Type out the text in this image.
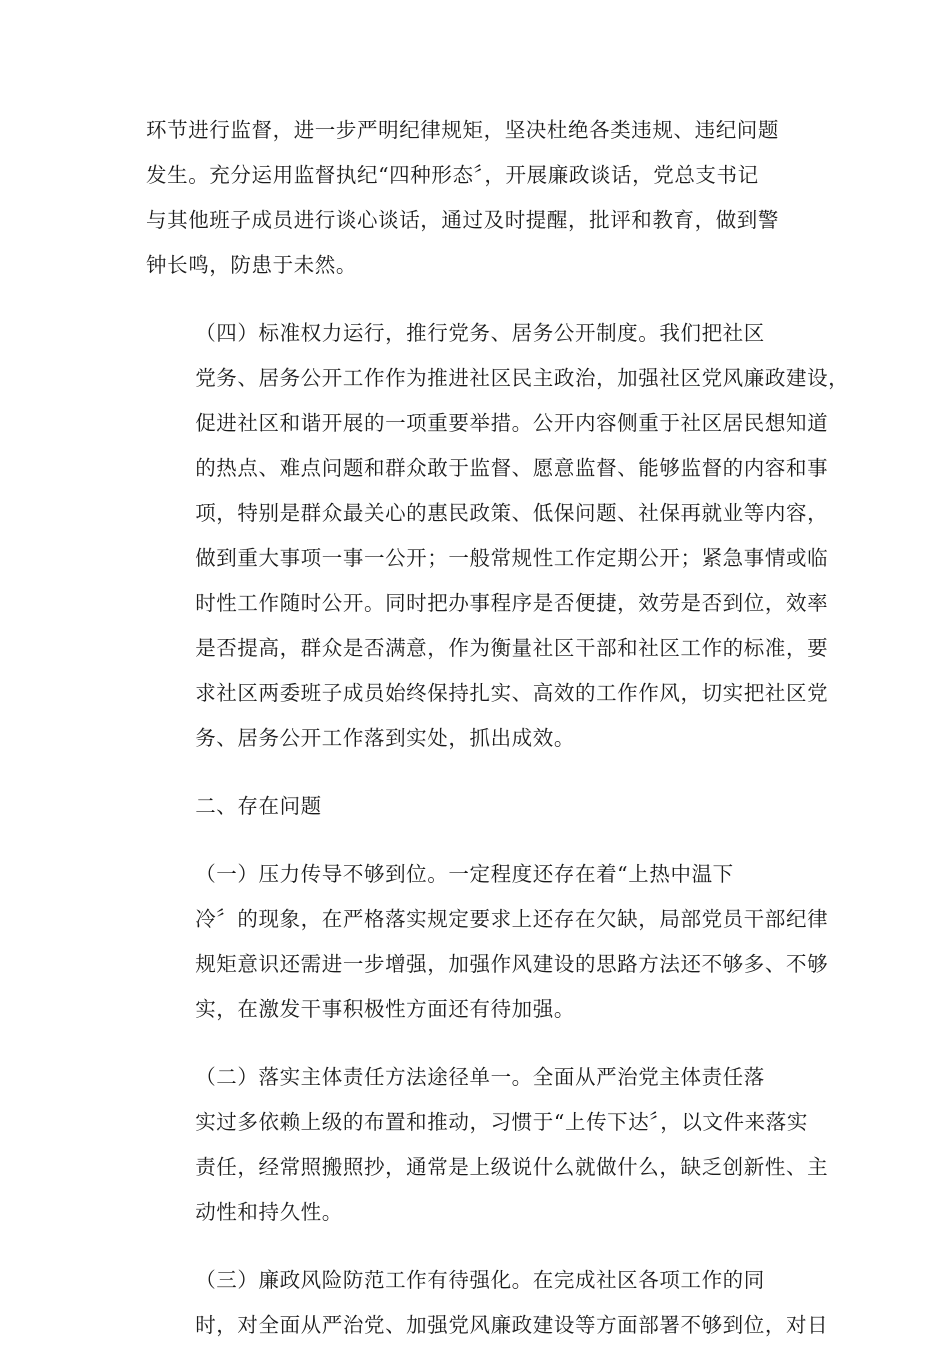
环节进行监督，进一步严明纪律规矩，坚决杜绝各类违规、违纪问题
发生。充分运用监督执纪“四种形态〞，开展廉政谈话，党总支书记
与其他班子成员进行谈心谈话，通过及时提醒，批评和教育，做到警
钟长鸣，防患于未然。

（四）标准权力运行，推行党务、居务公开制度。我们把社区
党务、居务公开工作作为推进社区民主政治，加强社区党风廉政建设，
促进社区和谐开展的一项重要举措。公开内容侧重于社区居民想知道
的热点、难点问题和群众敢于监督、愿意监督、能够监督的内容和事
项，特别是群众最关心的惠民政策、低保问题、社保再就业等内容，
做到重大事项一事一公开；一般常规性工作定期公开；紧急事情或临
时性工作随时公开。同时把办事程序是否便捷，效劳是否到位，效率
是否提高，群众是否满意，作为衡量社区干部和社区工作的标准，要
求社区两委班子成员始终保持扎实、高效的工作作风，切实把社区党
务、居务公开工作落到实处，抓出成效。

二、存在问题

（一）压力传导不够到位。一定程度还存在着“上热中温下
冷〞的现象，在严格落实规定要求上还存在欠缺，局部党员干部纪律
规矩意识还需进一步增强，加强作风建设的思路方法还不够多、不够
实，在激发干事积极性方面还有待加强。

（二）落实主体责任方法途径单一。全面从严治党主体责任落
实过多依赖上级的布置和推动，习惯于“上传下达〞，以文件来落实
责任，经常照搬照抄，通常是上级说什么就做什么，缺乏创新性、主
动性和持久性。

（三）廉政风险防范工作有待强化。在完成社区各项工作的同
时，对全面从严治党、加强党风廉政建设等方面部署不够到位，对日
